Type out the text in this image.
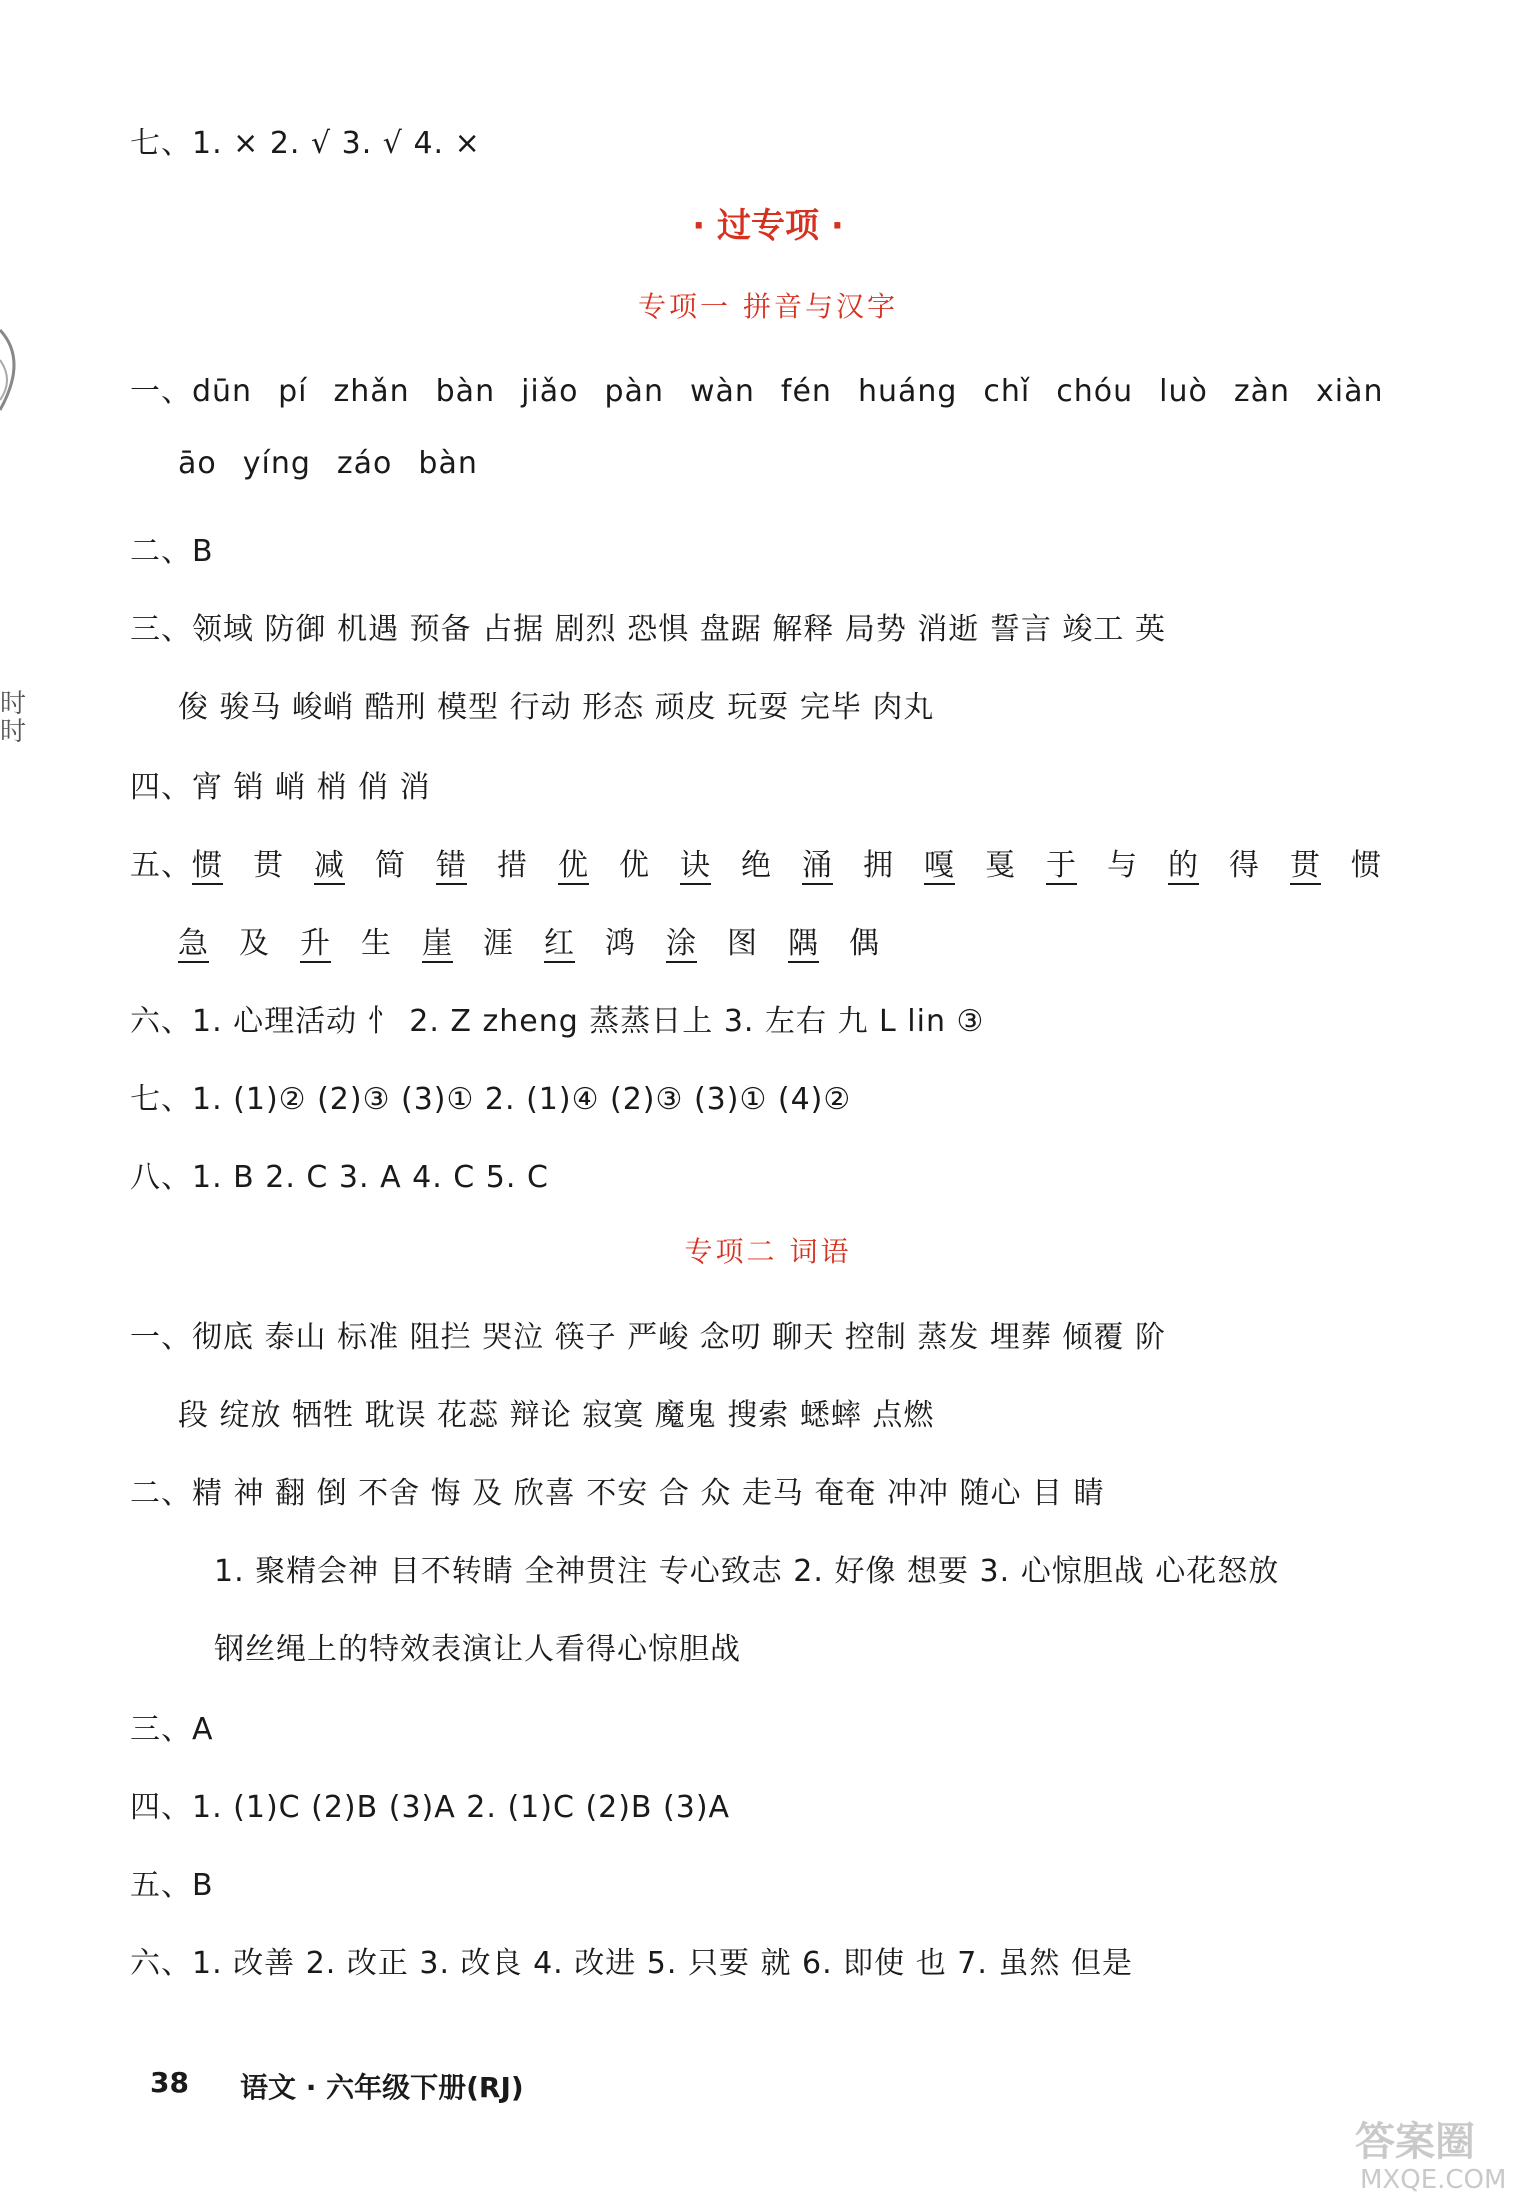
时
时
七、1. × 2. √ 3. √ 4. ×
· 过专项 ·
专项一 拼音与汉字
一、dūn pí zhǎn bàn jiǎo pàn wàn fén huáng chǐ chóu luò zàn xiàn
āo yíng záo bàn
二、B
三、领域 防御 机遇 预备 占据 剧烈 恐惧 盘踞 解释 局势 消逝 誓言 竣工 英
俊 骏马 峻峭 酷刑 模型 行动 形态 顽皮 玩耍 完毕 肉丸
四、宵 销 峭 梢 俏 消
五、惯 贯 减 简 错 措 优 优 诀 绝 涌 拥 嘎 戛 于 与 的 得 贯 惯
急 及 升 生 崖 涯 红 鸿 涂 图 隅 偶
六、1. 心理活动 忄 2. Z zheng 蒸蒸日上 3. 左右 九 L lin ③
七、1. (1)② (2)③ (3)① 2. (1)④ (2)③ (3)① (4)②
八、1. B 2. C 3. A 4. C 5. C
专项二 词语
一、彻底 泰山 标准 阻拦 哭泣 筷子 严峻 念叨 聊天 控制 蒸发 埋葬 倾覆 阶
段 绽放 牺牲 耽误 花蕊 辩论 寂寞 魔鬼 搜索 蟋蟀 点燃
二、精 神 翻 倒 不舍 悔 及 欣喜 不安 合 众 走马 奄奄 冲冲 随心 目 睛
1. 聚精会神 目不转睛 全神贯注 专心致志 2. 好像 想要 3. 心惊胆战 心花怒放
钢丝绳上的特效表演让人看得心惊胆战
三、A
四、1. (1)C (2)B (3)A 2. (1)C (2)B (3)A
五、B
六、1. 改善 2. 改正 3. 改良 4. 改进 5. 只要 就 6. 即使 也 7. 虽然 但是
38 语文 · 六年级下册(RJ)
答案圈
MXQE.COM
